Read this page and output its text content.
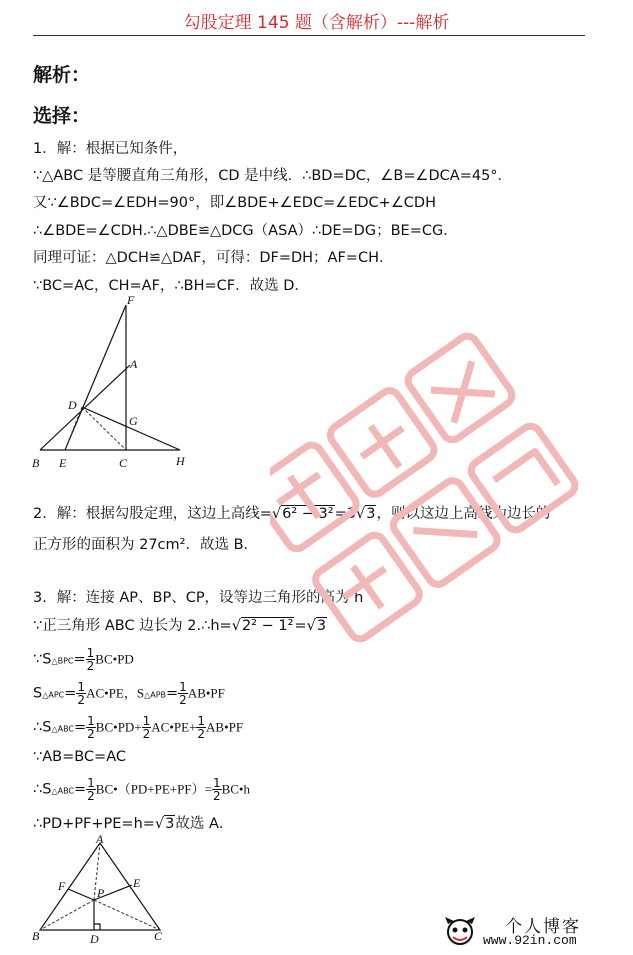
勾股定理 145 题（含解析）---解析
解析：
选择：
1．解：根据已知条件，
∵△ABC 是等腰直角三角形，CD 是中线．∴BD=DC，∠B=∠DCA=45°．
又∵∠BDC=∠EDH=90°，即∠BDE+∠EDC=∠EDC+∠CDH
∴∠BDE=∠CDH.∴△DBE≌△DCG（ASA）∴DE=DG；BE=CG．
同理可证：△DCH≌△DAF，可得：DF=DH；AF=CH．
∵BC=AC，CH=AF，∴BH=CF．故选 D．
F
A
D
G
B E	C	H
2．解：根据勾股定理，这边上高线=√6² − 3²=3√3，则以这边上高线为边长的
正方形的面积为 27cm²．故选 B．
3．解：连接 AP、BP、CP，设等边三角形的高为 h
∵正三角形 ABC 边长为 2.∴h=√2² − 1²=√3
∵S△BPC= $\frac{1}{2}$ BC•PD
S△APC= $\frac{1}{2}$ AC•PE，S△APB= $\frac{1}{2}$ AB•PF
∴S△ABC= $\frac{1}{2}$ BC•PD+ $\frac{1}{2}$ AC•PE+ $\frac{1}{2}$ AB•PF
∵AB=BC=AC
∴S△ABC= $\frac{1}{2}$ BC•（PD+PE+PF）= $\frac{1}{2}$ BC•h
∴PD+PF+PE=h=√3故选 A．
A
F	E
P
B	D	C	个人博客
www.92in.com
